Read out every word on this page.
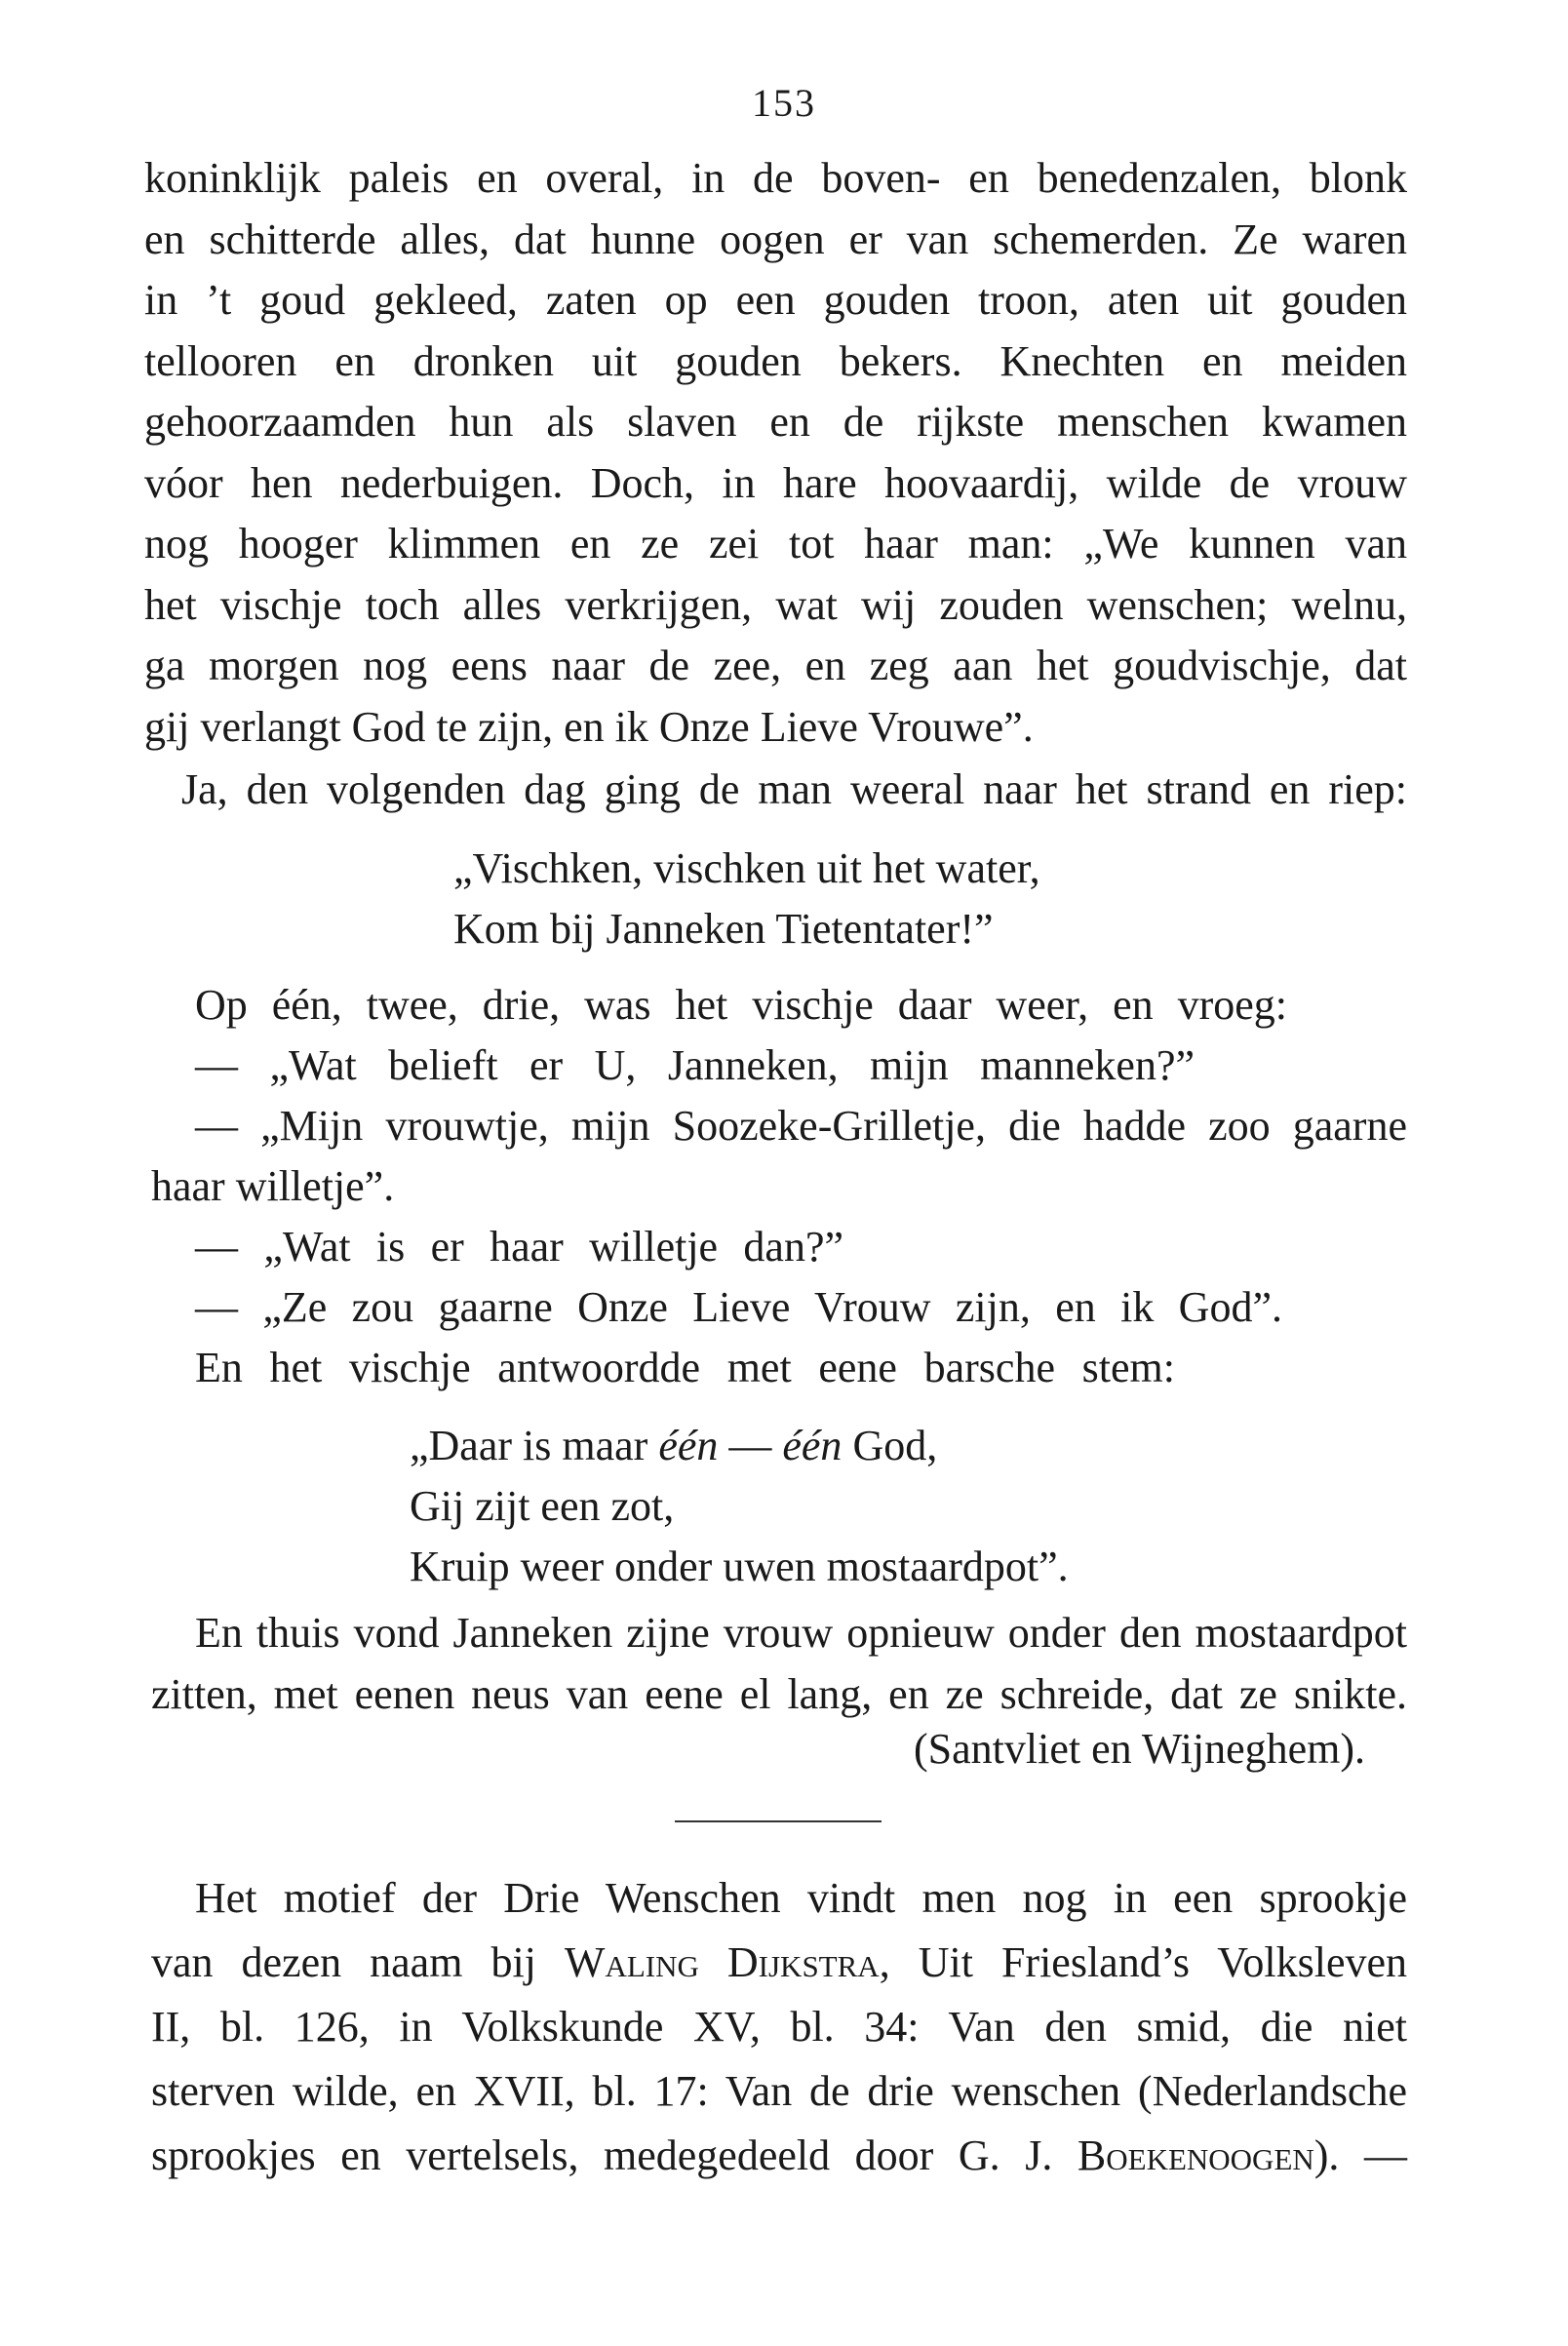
153

koninklijk paleis en overal, in de boven- en benedenzalen, blonk

en schitterde alles, dat hunne oogen er van schemerden. Ze waren

in ’t goud gekleed, zaten op een gouden troon, aten uit gouden

tellooren en dronken uit gouden bekers. Knechten en meiden

gehoorzaamden hun als slaven en de rijkste menschen kwamen

vóor hen nederbuigen. Doch, in hare hoovaardij, wilde de vrouw

nog hooger klimmen en ze zei tot haar man: „We kunnen van

het vischje toch alles verkrijgen, wat wij zouden wenschen; welnu,

ga morgen nog eens naar de zee, en zeg aan het goudvischje, dat

gij verlangt God te zijn, en ik Onze Lieve Vrouwe”.

Ja, den volgenden dag ging de man weeral naar het strand en riep:

„Vischken, vischken uit het water,
Kom bij Janneken Tietentater!”

Op één, twee, drie, was het vischje daar weer, en vroeg:

— „Wat belieft er U, Janneken, mijn manneken?”

— „Mijn vrouwtje, mijn Soozeke-Grilletje, die hadde zoo gaarne

haar willetje”.

— „Wat is er haar willetje dan?”

— „Ze zou gaarne Onze Lieve Vrouw zijn, en ik God”.

En het vischje antwoordde met eene barsche stem:

„Daar is maar één — één God,
Gij zijt een zot,
Kruip weer onder uwen mostaardpot”.

En thuis vond Janneken zijne vrouw opnieuw onder den mostaardpot

zitten, met eenen neus van eene el lang, en ze schreide, dat ze snikte.

(Santvliet en Wijneghem).

Het motief der Drie Wenschen vindt men nog in een sprookje

van dezen naam bij Waling Dijkstra, Uit Friesland’s Volksleven

II, bl. 126, in Volkskunde XV, bl. 34: Van den smid, die niet

sterven wilde, en XVII, bl. 17: Van de drie wenschen (Nederlandsche

sprookjes en vertelsels, medegedeeld door G. J. Boekenoogen). —
